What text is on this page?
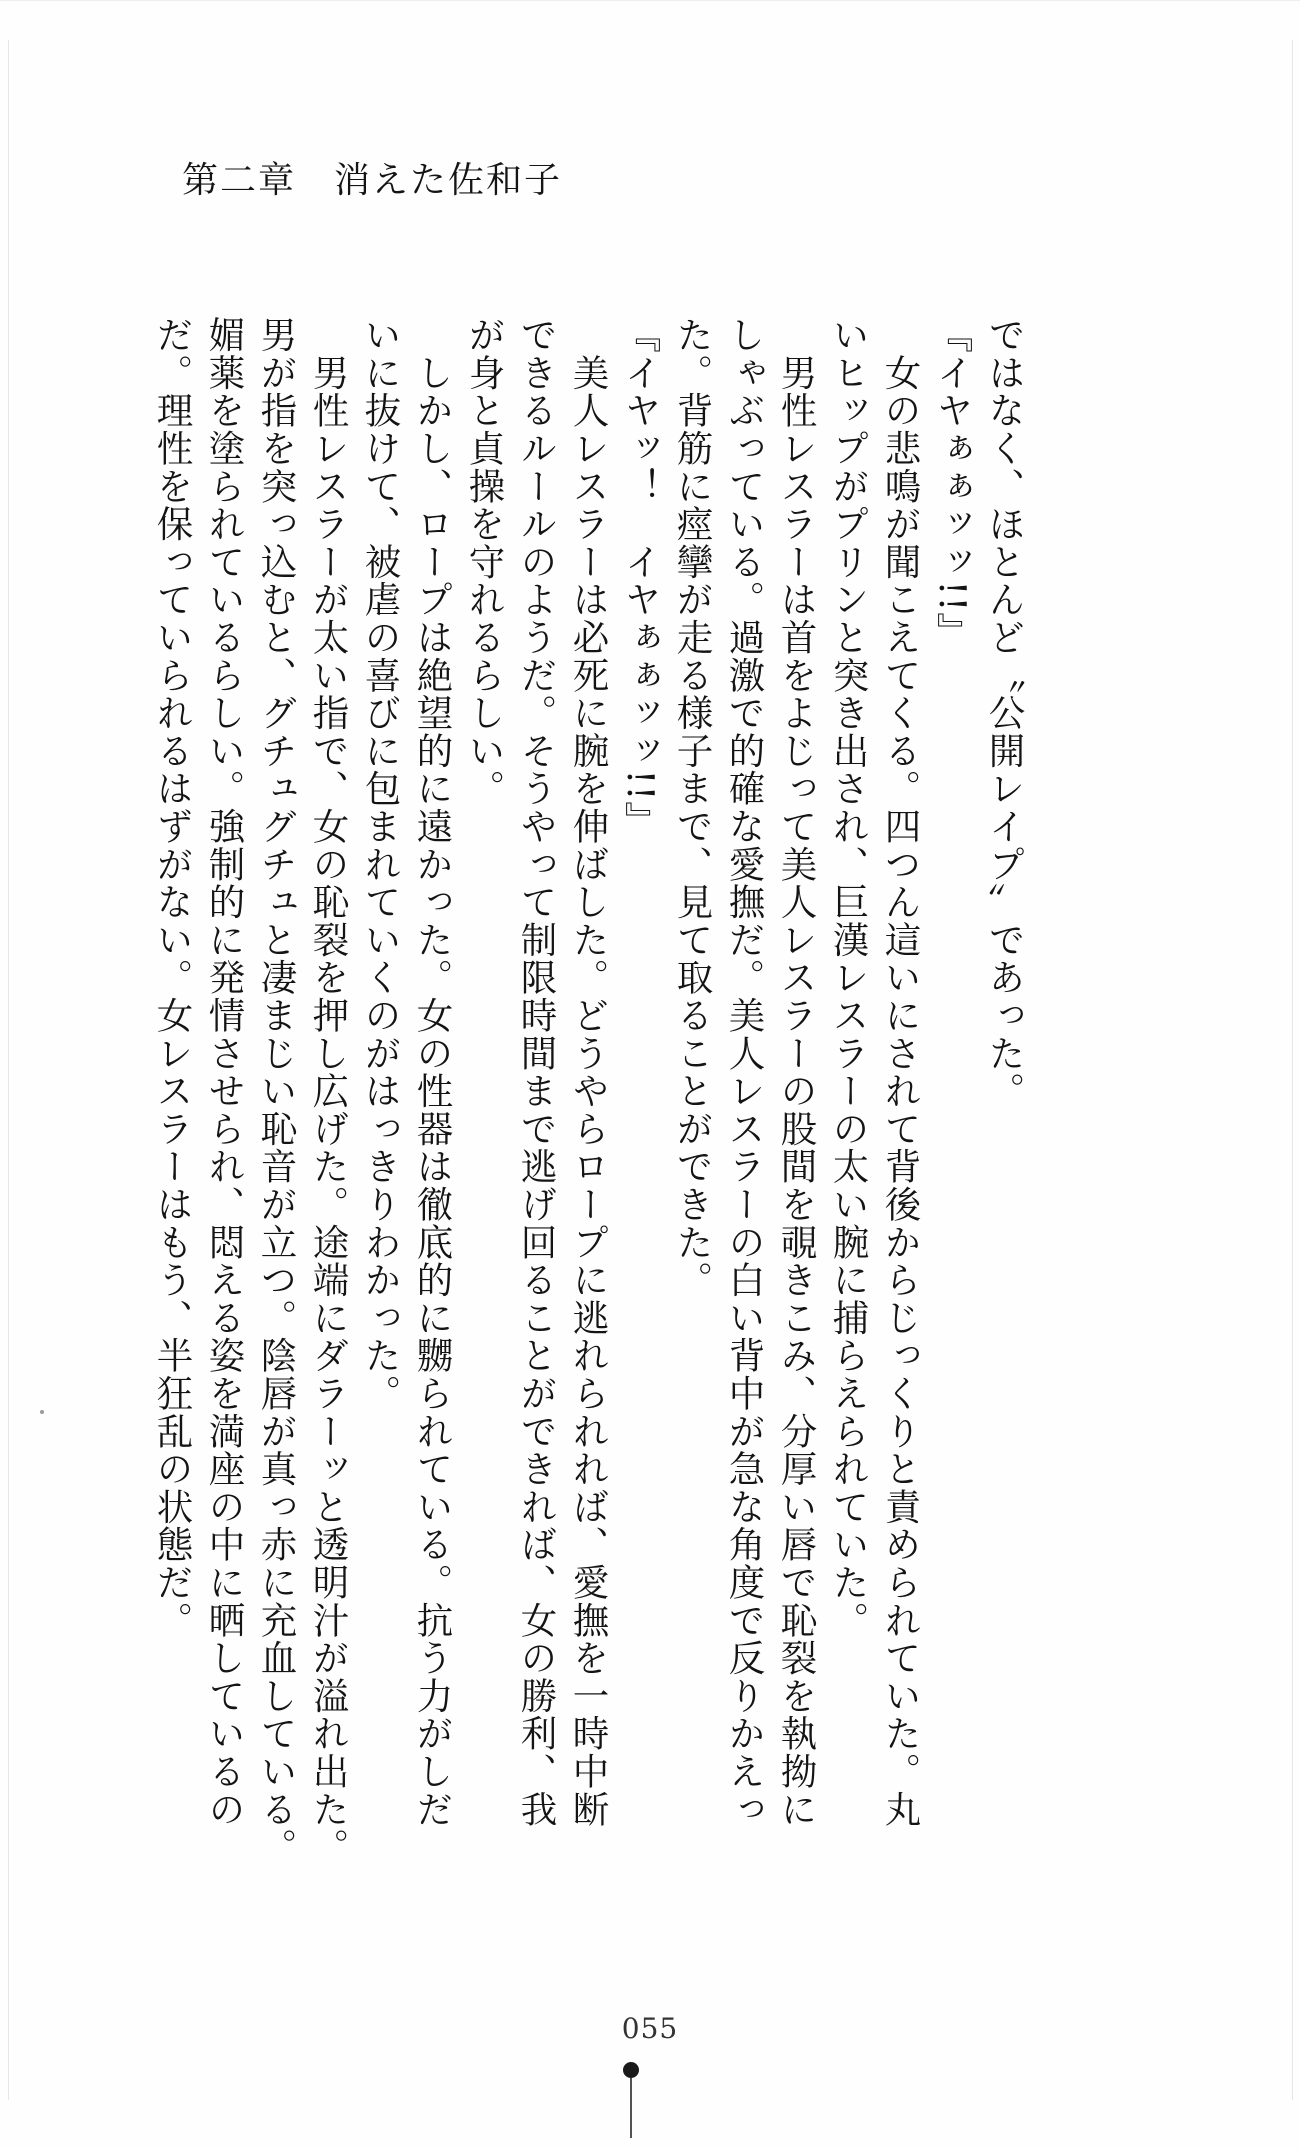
第二章　消えた佐和子
ではなく、ほとんど〝公開レイプ〟であった。
『イヤぁぁッッ!!』
　女の悲鳴が聞こえてくる。四つん這いにされて背後からじっくりと責められていた。丸
いヒップがプリンと突き出され、巨漢レスラーの太い腕に捕らえられていた。
　男性レスラーは首をよじって美人レスラーの股間を覗きこみ、分厚い唇で恥裂を執拗に
しゃぶっている。過激で的確な愛撫だ。美人レスラーの白い背中が急な角度で反りかえっ
た。背筋に痙攣が走る様子まで、見て取ることができた。
『イヤッ！　イヤぁぁッッ!!』
　美人レスラーは必死に腕を伸ばした。どうやらロープに逃れられれば、愛撫を一時中断
できるルールのようだ。そうやって制限時間まで逃げ回ることができれば、女の勝利、我
が身と貞操を守れるらしい。
　しかし、ロープは絶望的に遠かった。女の性器は徹底的に嬲られている。抗う力がしだ
いに抜けて、被虐の喜びに包まれていくのがはっきりわかった。
　男性レスラーが太い指で、女の恥裂を押し広げた。途端にダラーッと透明汁が溢れ出た。
男が指を突っ込むと、グチュグチュと凄まじい恥音が立つ。陰唇が真っ赤に充血している。
媚薬を塗られているらしい。強制的に発情させられ、悶える姿を満座の中に晒しているの
だ。理性を保っていられるはずがない。女レスラーはもう、半狂乱の状態だ。
055
